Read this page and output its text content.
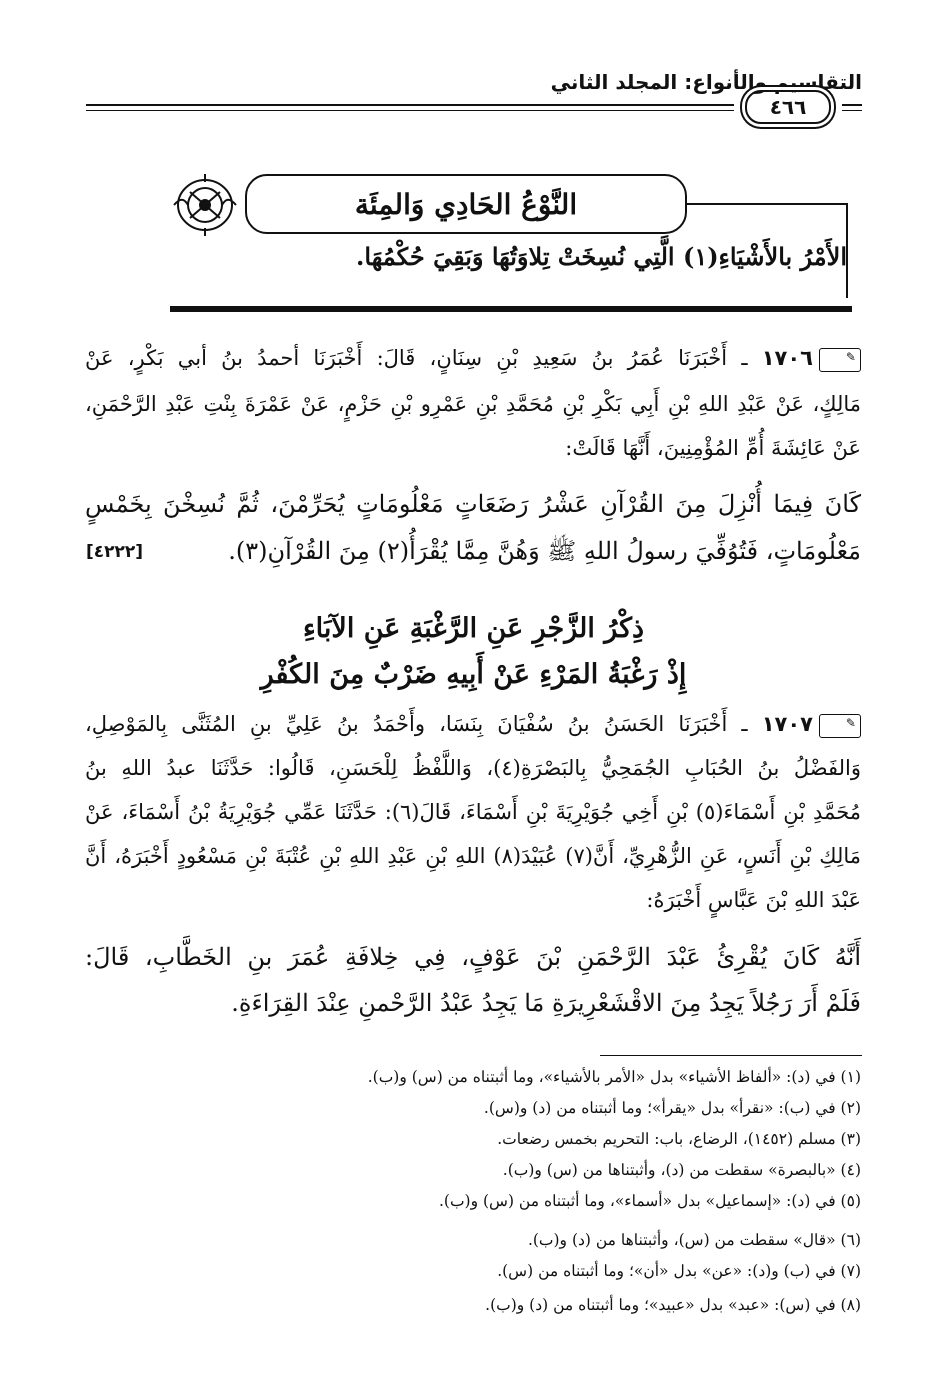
التقاسيم والأنواع: المجلد الثاني
٤٦٦
النَّوْعُ الحَادِي وَالمِئَة
الأَمْرُ بالأَشْيَاءِ(١) الَّتِي نُسِخَتْ تِلاوَتُهَا وَبَقِيَ حُكْمُهَا.
✎
١٧٠٦ ـ أَخْبَرَنَا عُمَرُ بنُ سَعِيدِ بْنِ سِنَانٍ، قَالَ: أَخْبَرَنَا أحمدُ بنُ أبي بَكْرٍ، عَنْ
مَالِكٍ، عَنْ عَبْدِ اللهِ بْنِ أَبِي بَكْرِ بْنِ مُحَمَّدِ بْنِ عَمْرِو بْنِ حَزْمٍ، عَنْ عَمْرَةَ بِنْتِ عَبْدِ الرَّحْمَنِ،
عَنْ عَائِشَةَ أُمِّ المُؤْمِنِينَ، أَنَّهَا قَالَتْ:
كَانَ فِيمَا أُنْزِلَ مِنَ القُرْآنِ عَشْرُ رَضَعَاتٍ مَعْلُومَاتٍ يُحَرِّمْنَ، ثُمَّ نُسِخْنَ بِخَمْسٍ
مَعْلُومَاتٍ، فَتُوُفِّيَ رسولُ اللهِ ﷺ وَهُنَّ مِمَّا يُقْرَأُ(٢) مِنَ القُرْآنِ(٣).
[٤٢٢٢]
ذِكْرُ الزَّجْرِ عَنِ الرَّغْبَةِ عَنِ الآبَاءِ
إِذْ رَغْبَةُ المَرْءِ عَنْ أَبِيهِ ضَرْبٌ مِنَ الكُفْرِ
✎
١٧٠٧ ـ أَخْبَرَنَا الحَسَنُ بنُ سُفْيَانَ بِنَسَا، وأَحْمَدُ بنُ عَلِيِّ بنِ المُثَنَّى بِالمَوْصِلِ،
وَالفَضْلُ بنُ الحُبَابِ الجُمَحِيُّ بِالبَصْرَةِ(٤)، وَاللَّفْظُ لِلْحَسَنِ، قَالُوا: حَدَّثَنَا عبدُ اللهِ بنُ
مُحَمَّدِ بْنِ أَسْمَاءَ(٥) بْنِ أَخِي جُوَيْرِيَةَ بْنِ أَسْمَاءَ، قَالَ(٦): حَدَّثَنَا عَمِّي جُوَيْرِيَةُ بْنُ أَسْمَاءَ، عَنْ
مَالِكِ بْنِ أَنَسٍ، عَنِ الزُّهْرِيِّ، أَنَّ(٧) عُبَيْدَ(٨) اللهِ بْنِ عَبْدِ اللهِ بْنِ عُتْبَةَ بْنِ مَسْعُودٍ أَخْبَرَهُ، أَنَّ
عَبْدَ اللهِ بْنَ عَبَّاسٍ أَخْبَرَهُ:
أَنَّهُ كَانَ يُقْرِئُ عَبْدَ الرَّحْمَنِ بْنَ عَوْفٍ، فِي خِلافَةِ عُمَرَ بنِ الخَطَّابِ، قَالَ:
فَلَمْ أَرَ رَجُلاً يَجِدُ مِنَ الاقْشَعْرِيرَةِ مَا يَجِدُ عَبْدُ الرَّحْمنِ عِنْدَ القِرَاءَةِ.
(١) في (د): «ألفاظ الأشياء» بدل «الأمر بالأشياء»، وما أثبتناه من (س) و(ب).
(٢) في (ب): «نقرأ» بدل «يقرأ»؛ وما أثبتناه من (د) و(س).
(٣) مسلم (١٤٥٢)، الرضاع، باب: التحريم بخمس رضعات.
(٤) «بالبصرة» سقطت من (د)، وأثبتناها من (س) و(ب).
(٥) في (د): «إسماعيل» بدل «أسماء»، وما أثبتناه من (س) و(ب).
(٦) «قال» سقطت من (س)، وأثبتناها من (د) و(ب).
(٧) في (ب) و(د): «عن» بدل «أن»؛ وما أثبتناه من (س).
(٨) في (س): «عبد» بدل «عبيد»؛ وما أثبتناه من (د) و(ب).
